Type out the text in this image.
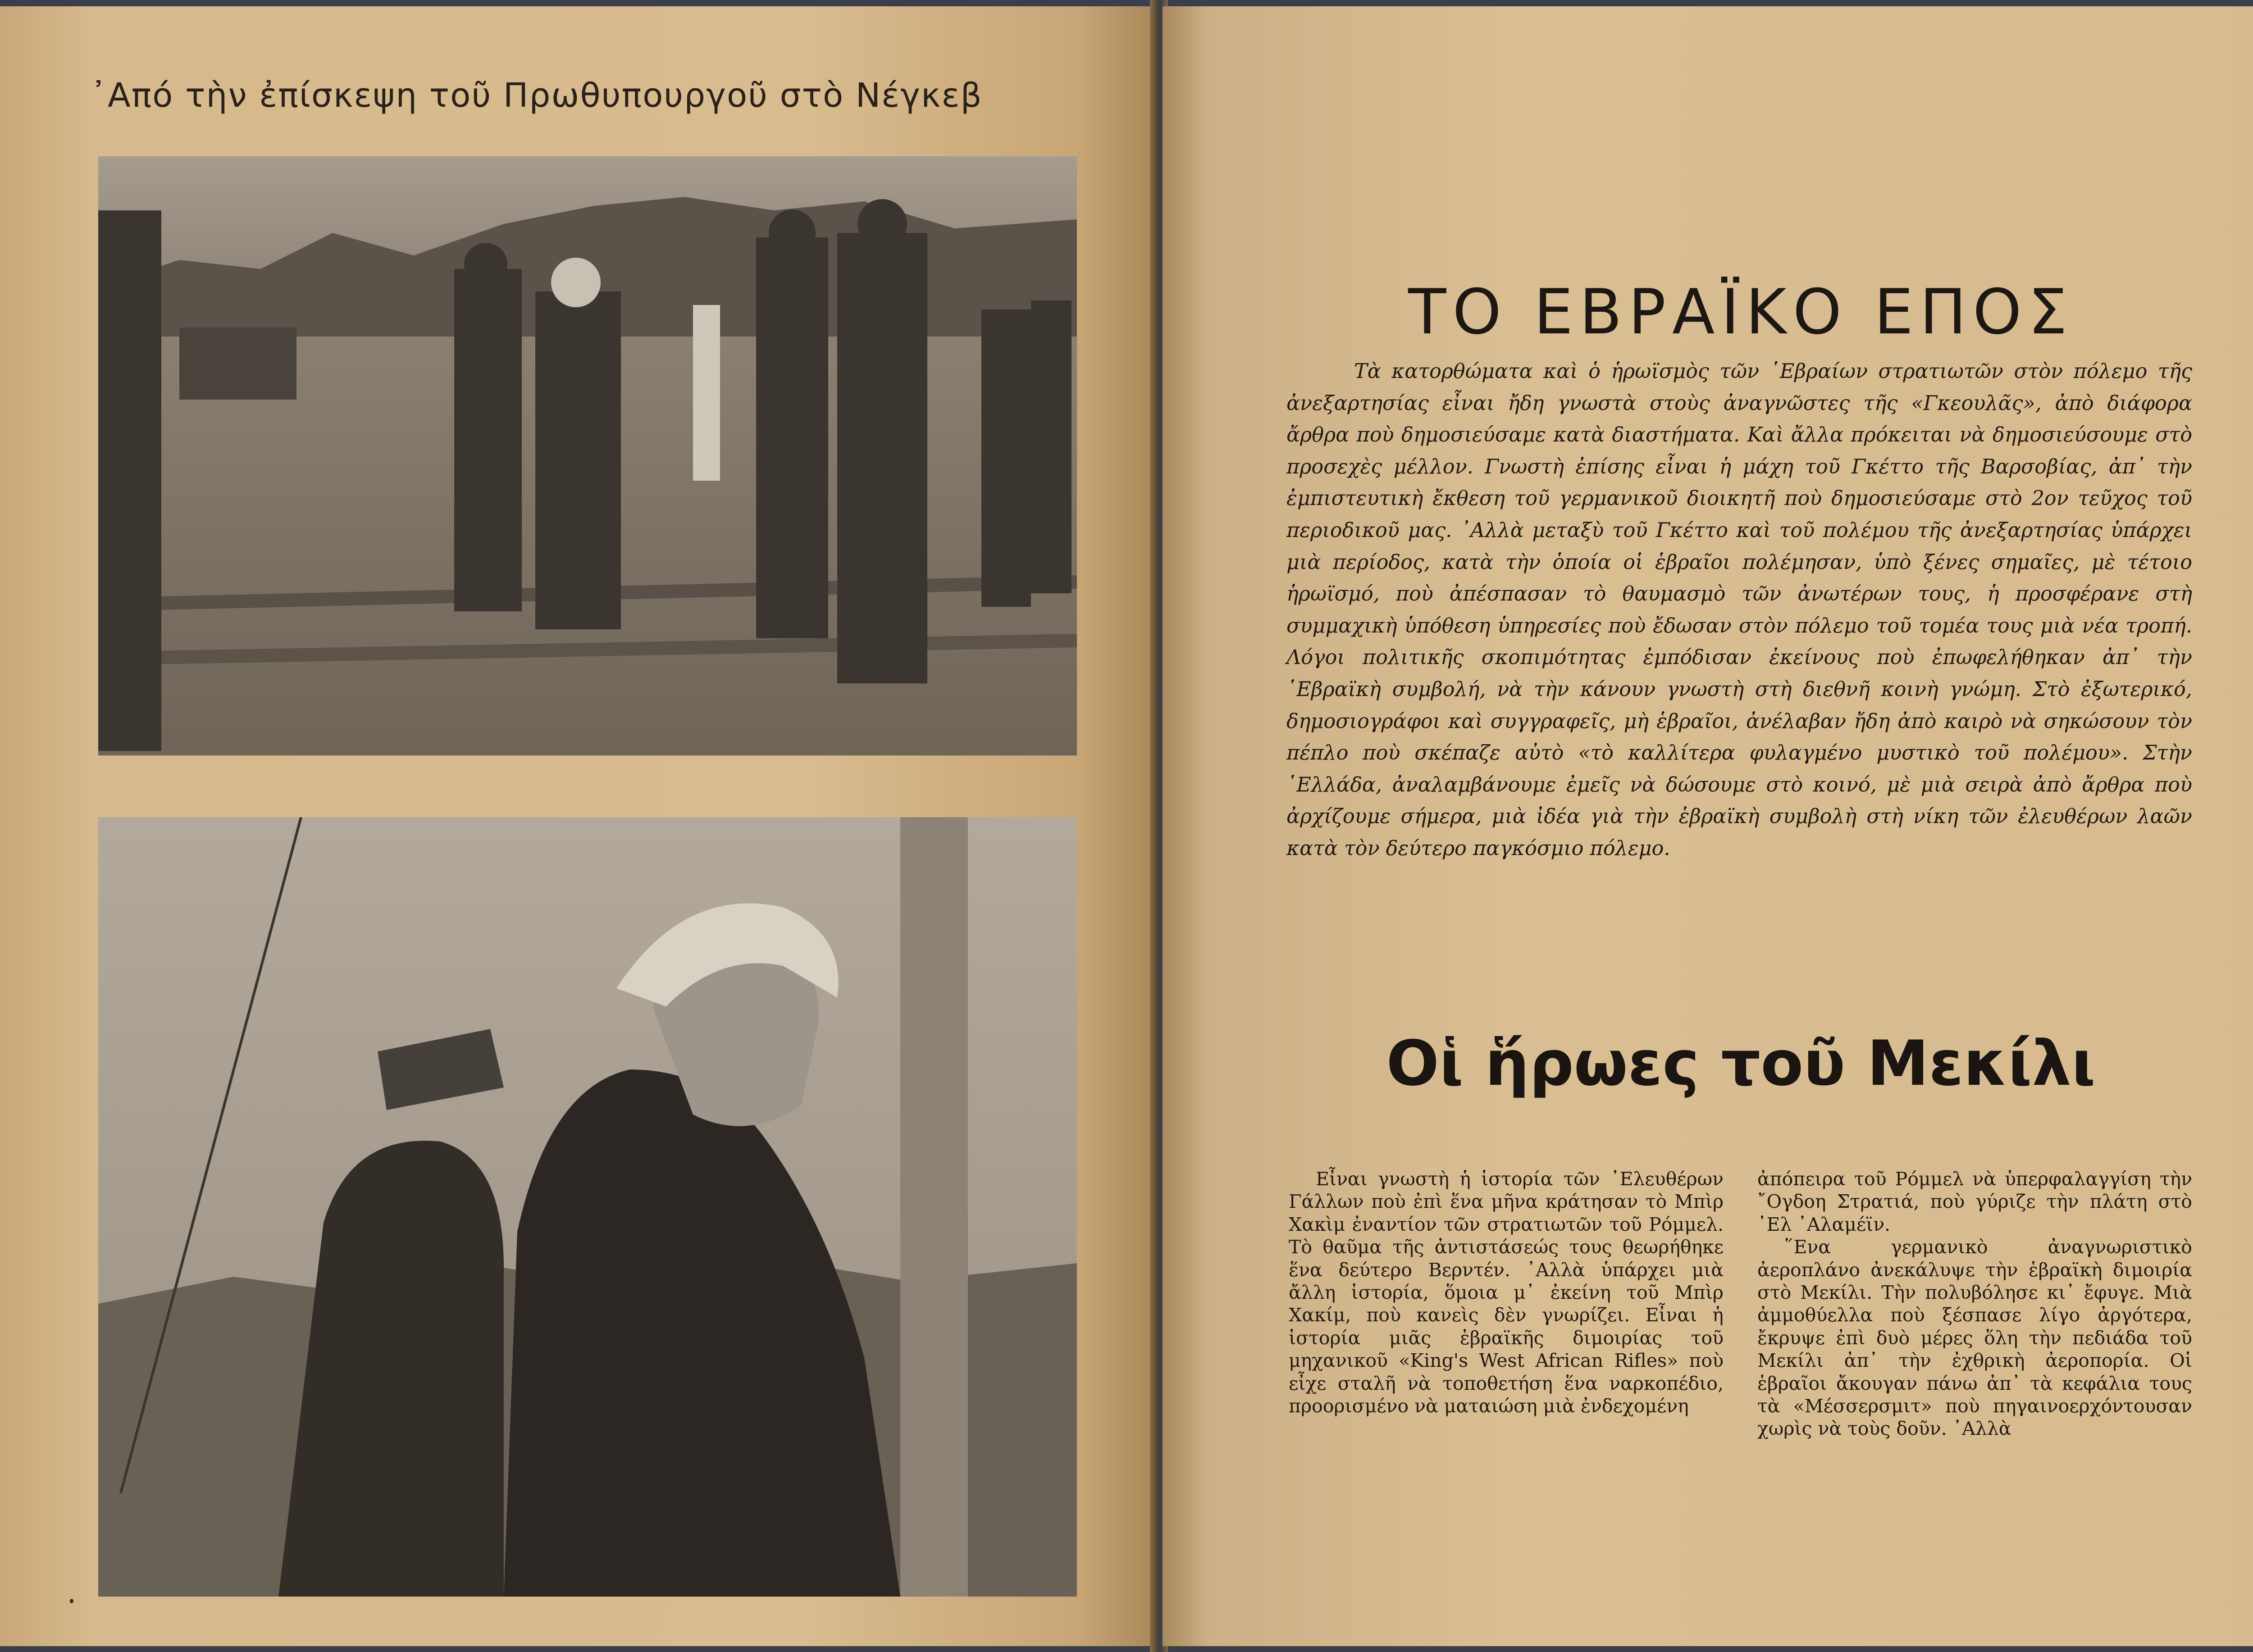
᾿Από τὴν ἐπίσκεψη τοῦ Πρωθυπουργοῦ στὸ Νέγκεβ
ΤΟ ΕΒΡΑΪΚΟ ΕΠΟΣ

Τὰ κατορθώματα καὶ ὁ ἡρωϊσμὸς τῶν ῾Εβραίων στρατιωτῶν στὸν πόλεμο τῆς ἀνεξαρτησίας εἶναι ἤδη γνωστὰ στοὺς ἀναγνῶστες τῆς «Γκεουλᾶς», ἀπὸ διάφορα ἄρθρα ποὺ δημοσιεύσαμε κατὰ διαστήματα. Καὶ ἄλλα πρόκειται νὰ δημοσιεύσουμε στὸ προσεχὲς μέλλον. Γνωστὴ ἐπίσης εἶναι ἡ μάχη τοῦ Γκέττο τῆς Βαρσοβίας, ἀπ᾿ τὴν ἐμπιστευτικὴ ἔκθεση τοῦ γερμανικοῦ διοικητῆ ποὺ δημοσιεύσαμε στὸ 2ον τεῦχος τοῦ περιοδικοῦ μας. ᾿Αλλὰ μεταξὺ τοῦ Γκέττο καὶ τοῦ πολέμου τῆς ἀνεξαρτησίας ὑπάρχει μιὰ περίοδος, κατὰ τὴν ὁποία οἱ ἑβραῖοι πολέμησαν, ὑπὸ ξένες σημαῖες, μὲ τέτοιο ἡρωϊσμό, ποὺ ἀπέσπασαν τὸ θαυμασμὸ τῶν ἀνωτέρων τους, ἡ προσφέρανε στὴ συμμαχικὴ ὑπόθεση ὑπηρεσίες ποὺ ἔδωσαν στὸν πόλεμο τοῦ τομέα τους μιὰ νέα τροπή. Λόγοι πολιτικῆς σκοπιμότητας ἐμπόδισαν ἐκείνους ποὺ ἐπωφελήθηκαν ἀπ᾿ τὴν ῾Εβραϊκὴ συμβολή, νὰ τὴν κάνουν γνωστὴ στὴ διεθνῆ κοινὴ γνώμη. Στὸ ἐξωτερικό, δημοσιογράφοι καὶ συγγραφεῖς, μὴ ἑβραῖοι, ἀνέλαβαν ἤδη ἀπὸ καιρὸ νὰ σηκώσουν τὸν πέπλο ποὺ σκέπαζε αὐτὸ «τὸ καλλίτερα φυλαγμένο μυστικὸ τοῦ πολέμου». Στὴν ῾Ελλάδα, ἀναλαμβάνουμε ἐμεῖς νὰ δώσουμε στὸ κοινό, μὲ μιὰ σειρὰ ἀπὸ ἄρθρα ποὺ ἀρχίζουμε σήμερα, μιὰ ἰδέα γιὰ τὴν ἑβραϊκὴ συμβολὴ στὴ νίκη τῶν ἐλευθέρων λαῶν κατὰ τὸν δεύτερο παγκόσμιο πόλεμο.

Οἱ ἥρωες τοῦ Μεκίλι

Εἶναι γνωστὴ ἡ ἱστορία τῶν ᾿Ελευθέρων Γάλλων ποὺ ἐπὶ ἕνα μῆνα κράτησαν τὸ Μπὶρ Χακὶμ ἐναντίον τῶν στρατιωτῶν τοῦ Ρόμμελ. Τὸ θαῦμα τῆς ἀντιστάσεώς τους θεωρήθηκε ἕνα δεύτερο Βερντέν. ᾿Αλλὰ ὑπάρχει μιὰ ἄλλη ἱστορία, ὅμοια μ᾿ ἐκείνη τοῦ Μπὶρ Χακίμ, ποὺ κανεὶς δὲν γνωρίζει. Εἶναι ἡ ἱστορία μιᾶς ἑβραϊκῆς διμοιρίας τοῦ μηχανικοῦ «King's West African Rifles» ποὺ εἶχε σταλῆ νὰ τοποθετήση ἕνα ναρκοπέδιο, προορισμένο νὰ ματαιώση μιὰ ἐνδεχομένη

ἀπόπειρα τοῦ Ρόμμελ νὰ ὑπερφαλαγγίση τὴν ῎Ογδοη Στρατιά, ποὺ γύριζε τὴν πλάτη στὸ ᾿Ελ ᾿Αλαμέϊν.

῞Ενα γερμανικὸ ἀναγνωριστικὸ ἀεροπλάνο ἀνεκάλυψε τὴν ἑβραϊκὴ διμοιρία στὸ Μεκίλι. Τὴν πολυβόλησε κι᾿ ἔφυγε. Μιὰ ἀμμοθύελλα ποὺ ξέσπασε λίγο ἀργότερα, ἔκρυψε ἐπὶ δυὸ μέρες ὅλη τὴν πεδιάδα τοῦ Μεκίλι ἀπ᾿ τὴν ἐχθρικὴ ἀεροπορία. Οἱ ἑβραῖοι ἄκουγαν πάνω ἀπ᾿ τὰ κεφάλια τους τὰ «Μέσσερσμιτ» ποὺ πηγαινοερχόντουσαν χωρὶς νὰ τοὺς δοῦν. ᾿Αλλὰ
